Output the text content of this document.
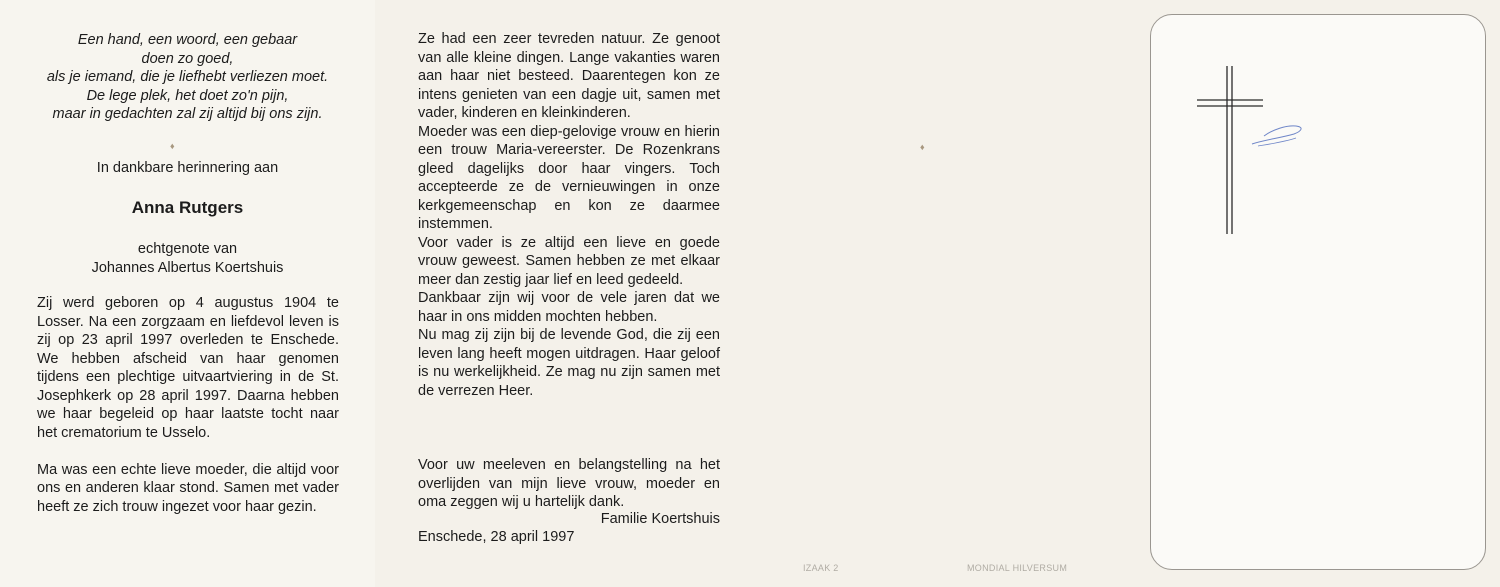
Een hand, een woord, een gebaar
doen zo goed,
als je iemand, die je liefhebt verliezen moet.
De lege plek, het doet zo'n pijn,
maar in gedachten zal zij altijd bij ons zijn.
♦
In dankbare herinnering aan
Anna Rutgers
echtgenote van
Johannes Albertus Koertshuis

Zij werd geboren op 4 augustus 1904 te Losser. Na een zorgzaam en liefdevol leven is zij op 23 april 1997 overleden te Enschede. We hebben afscheid van haar genomen tijdens een plechtige uitvaartviering in de St. Josephkerk op 28 april 1997. Daarna hebben we haar begeleid op haar laatste tocht naar het crematorium te Usselo.

Ma was een echte lieve moeder, die altijd voor ons en anderen klaar stond. Samen met vader heeft ze zich trouw ingezet voor haar gezin.

Ze had een zeer tevreden natuur. Ze genoot van alle kleine dingen. Lange vakanties waren aan haar niet besteed. Daarentegen kon ze intens genieten van een dagje uit, samen met vader, kinderen en kleinkinderen.

Moeder was een diep-gelovige vrouw en hierin een trouw Maria-vereerster. De Rozenkrans gleed dagelijks door haar vingers. Toch accepteerde ze de vernieuwingen in onze kerkgemeenschap en kon ze daarmee instemmen.

Voor vader is ze altijd een lieve en goede vrouw geweest. Samen hebben ze met elkaar meer dan zestig jaar lief en leed gedeeld.

Dankbaar zijn wij voor de vele jaren dat we haar in ons midden mochten hebben.

Nu mag zij zijn bij de levende God, die zij een leven lang heeft mogen uitdragen. Haar geloof is nu werkelijkheid. Ze mag nu zijn samen met de verrezen Heer.

Voor uw meeleven en belangstelling na het overlijden van mijn lieve vrouw, moeder en oma zeggen wij u hartelijk dank.

Familie Koertshuis
Enschede, 28 april 1997
♦
IZAAK 2	MONDIAL HILVERSUM
